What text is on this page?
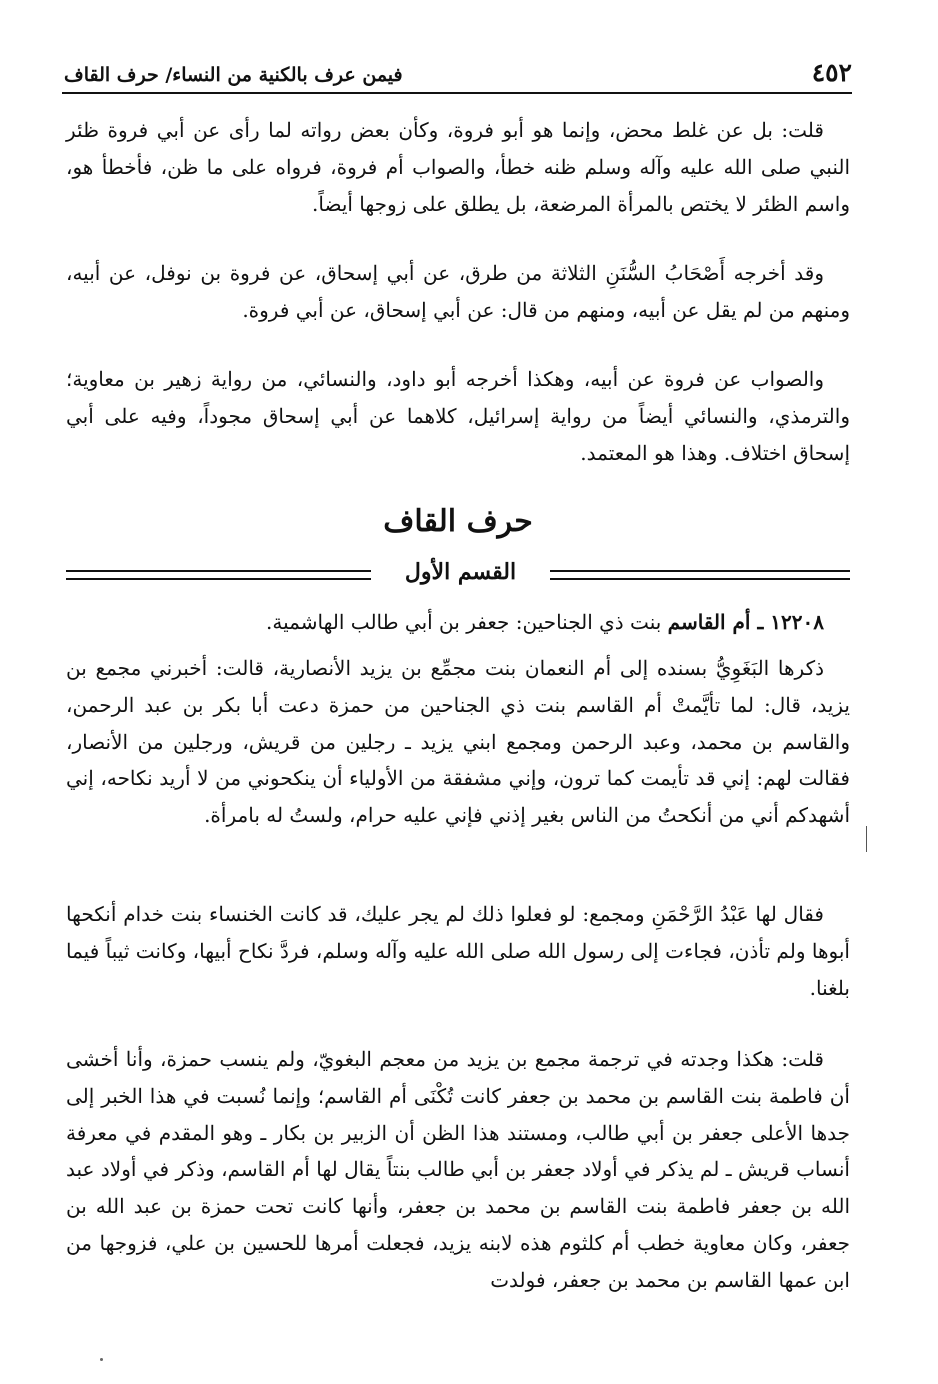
٤٥٢
فيمن عرف بالكنية من النساء/ حرف القاف

قلت: بل عن غلط محض، وإنما هو أبو فروة، وكأن بعض رواته لما رأى عن أبي فروة ظئر النبي صلى الله عليه وآله وسلم ظنه خطأ، والصواب أم فروة، فرواه على ما ظن، فأخطأ هو، واسم الظئر لا يختص بالمرأة المرضعة، بل يطلق على زوجها أيضاً.

وقد أخرجه أَصْحَابُ السُّنَنِ الثلاثة من طرق، عن أبي إسحاق، عن فروة بن نوفل، عن أبيه، ومنهم من لم يقل عن أبيه، ومنهم من قال: عن أبي إسحاق، عن أبي فروة.

والصواب عن فروة عن أبيه، وهكذا أخرجه أبو داود، والنسائي، من رواية زهير بن معاوية؛ والترمذي، والنسائي أيضاً من رواية إسرائيل، كلاهما عن أبي إسحاق مجوداً، وفيه على أبي إسحاق اختلاف. وهذا هو المعتمد.

حرف القاف
القسم الأول
١٢٢٠٨ ـ أم القاسم بنت ذي الجناحين: جعفر بن أبي طالب الهاشمية.

ذكرها البَغَوِيُّ بسنده إلى أم النعمان بنت مجمِّع بن يزيد الأنصارية، قالت: أخبرني مجمع بن يزيد، قال: لما تأيَّمتْ أم القاسم بنت ذي الجناحين من حمزة دعت أبا بكر بن عبد الرحمن، والقاسم بن محمد، وعبد الرحمن ومجمع ابني يزيد ـ رجلين من قريش، ورجلين من الأنصار، فقالت لهم: إني قد تأيمت كما ترون، وإني مشفقة من الأولياء أن ينكحوني من لا أريد نكاحه، إني أشهدكم أني من أنكحتُ من الناس بغير إذني فإني عليه حرام، ولستُ له بامرأة.

فقال لها عَبْدُ الرَّحْمَنِ ومجمع: لو فعلوا ذلك لم يجر عليك، قد كانت الخنساء بنت خدام أنكحها أبوها ولم تأذن، فجاءت إلى رسول الله صلى الله عليه وآله وسلم، فردَّ نكاح أبيها، وكانت ثيباً فيما بلغنا.

قلت: هكذا وجدته في ترجمة مجمع بن يزيد من معجم البغويّ، ولم ينسب حمزة، وأنا أخشى أن فاطمة بنت القاسم بن محمد بن جعفر كانت تُكْنَى أم القاسم؛ وإنما نُسبت في هذا الخبر إلى جدها الأعلى جعفر بن أبي طالب، ومستند هذا الظن أن الزبير بن بكار ـ وهو المقدم في معرفة أنساب قريش ـ لم يذكر في أولاد جعفر بن أبي طالب بنتاً يقال لها أم القاسم، وذكر في أولاد عبد الله بن جعفر فاطمة بنت القاسم بن محمد بن جعفر، وأنها كانت تحت حمزة بن عبد الله بن جعفر، وكان معاوية خطب أم كلثوم هذه لابنه يزيد، فجعلت أمرها للحسين بن علي، فزوجها من ابن عمها القاسم بن محمد بن جعفر، فولدت
